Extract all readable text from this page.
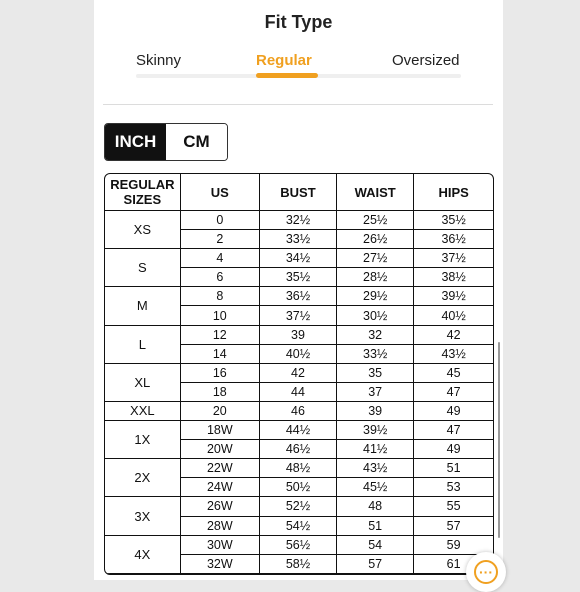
Fit Type
Skinny	Regular	Oversized
INCH	CM
REGULAR
SIZES	US	BUST	WAIST	HIPS
XS	0	32½	25½	35½
	2	33½	26½	36½
S	4	34½	27½	37½
	6	35½	28½	38½
M	8	36½	29½	39½
	10	37½	30½	40½
L	12	39	32	42
	14	40½	33½	43½
XL	16	42	35	45
	18	44	37	47
XXL	20	46	39	49
1X	18W	44½	39½	47
	20W	46½	41½	49
2X	22W	48½	43½	51
	24W	50½	45½	53
3X	26W	52½	48	55
	28W	54½	51	57
4X	30W	56½	54	59
	32W	58½	57	61
···
